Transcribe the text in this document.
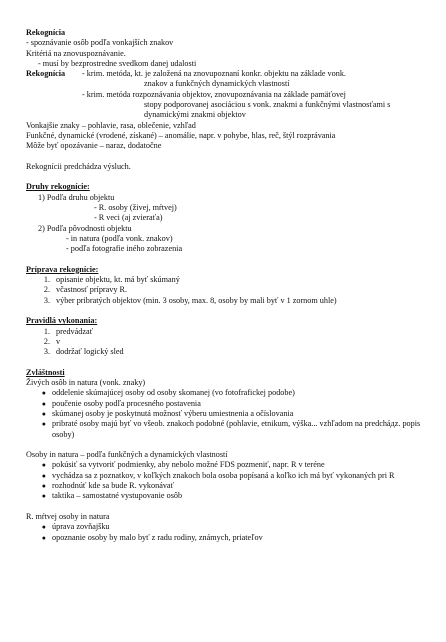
Rekognícia
- spoznávanie osôb podľa vonkajších znakov
Kritériá na znovuspoznávanie.
- musí by bezprostredne svedkom danej udalosti
Rekognícia	- krim. metóda, kt. je založená na znovupoznaní konkr. objektu na základe vonk.
znakov a funkčných dynamických vlastností
- krim. metóda rozpoznávania objektov, znovupoznávania na základe pamäťovej
stopy podporovanej asociáciou s vonk. znakmi a funkčnými vlastnosťami s
dynamickými znakmi objektov
Vonkajšie znaky – pohlavie, rasa, oblečenie, vzhľad
Funkčné, dynamické (vrodené, získané) – anomálie, napr. v pohybe, hlas, reč, štýl rozprávania
Môže byť opozávanie – naraz, dodatočne
Rekognícii predchádza výsluch.
Druhy rekognície:
1) Podľa druhu objektu
- R. osoby (živej, mŕtvej)
- R veci (aj zvieraťa)
2) Podľa pôvodnosti objektu
- in natura (podľa vonk. znakov)
- podľa fotografie iného zobrazenia
Príprava rekognície:
1. opisanie objektu, kt. má byť skúmaný
2. včastnosť prípravy R.
3. výber pribratých objektov (min. 3 osoby, max. 8, osoby by mali byť v 1 zornom uhle)
Pravidlá vykonania:
1. predvádzať
2. v
3. dodržať logický sled
Zvláštnosti
Živých osôb in natura (vonk. znaky)
● oddelenie skúmajúcej osoby od osoby skomanej (vo fotofrafickej podobe)
● poučenie osoby podľa procesného postavenia
● skúmanej osoby je poskytnutá možnosť výberu umiestnenia a očíslovania
● pribraté osoby majú byť vo všeob. znakoch podobné (pohlavie, etnikum, výška... vzhľadom na predcháдz. popis osoby)
Osoby in natura – podľa funkčných a dynamických vlastností
● pokúsiť sa vytvoriť podmienky, aby nebolo možné FDS pozmeniť, napr. R v teréne
● vychádza sa z poznatkov, v koľkých znakoch bola osoba popísaná a koľko ich má byť vykonaných pri R
● rozhodnúť kde sa bude R. vykonávať
● taktika – samostatné vystupovanie osôb
R. mŕtvej osoby in natura
● úprava zovňajšku
● opoznanie osoby by malo byť z radu rodiny, známych, priateľov
